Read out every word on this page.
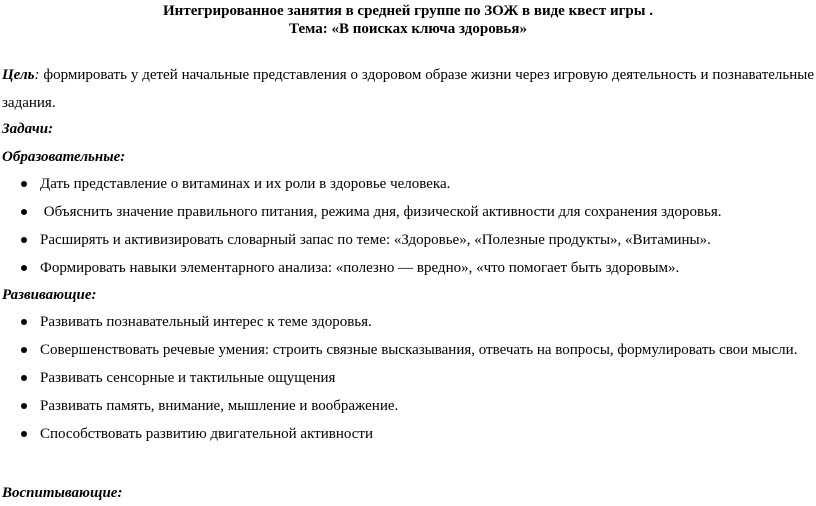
Интегрированное занятия в средней группе по ЗОЖ в виде квест игры .

Тема: «В поисках ключа здоровья»

Цель: формировать у детей начальные представления о здоровом образе жизни через игровую деятельность и познавательные задания.
Задачи:
Образовательные:
Дать представление о витаминах и их роли в здоровье человека.
Объяснить значение правильного питания, режима дня, физической активности для сохранения здоровья.
Расширять и активизировать словарный запас по теме: «Здоровье», «Полезные продукты», «Витамины».
Формировать навыки элементарного анализа: «полезно — вредно», «что помогает быть здоровым».
Развивающие:
Развивать познавательный интерес к теме здоровья.
Совершенствовать речевые умения: строить связные высказывания, отвечать на вопросы, формулировать свои мысли.
Развивать сенсорные и тактильные ощущения
Развивать память, внимание, мышление и воображение.
Способствовать развитию двигательной активности
Воспитывающие:
